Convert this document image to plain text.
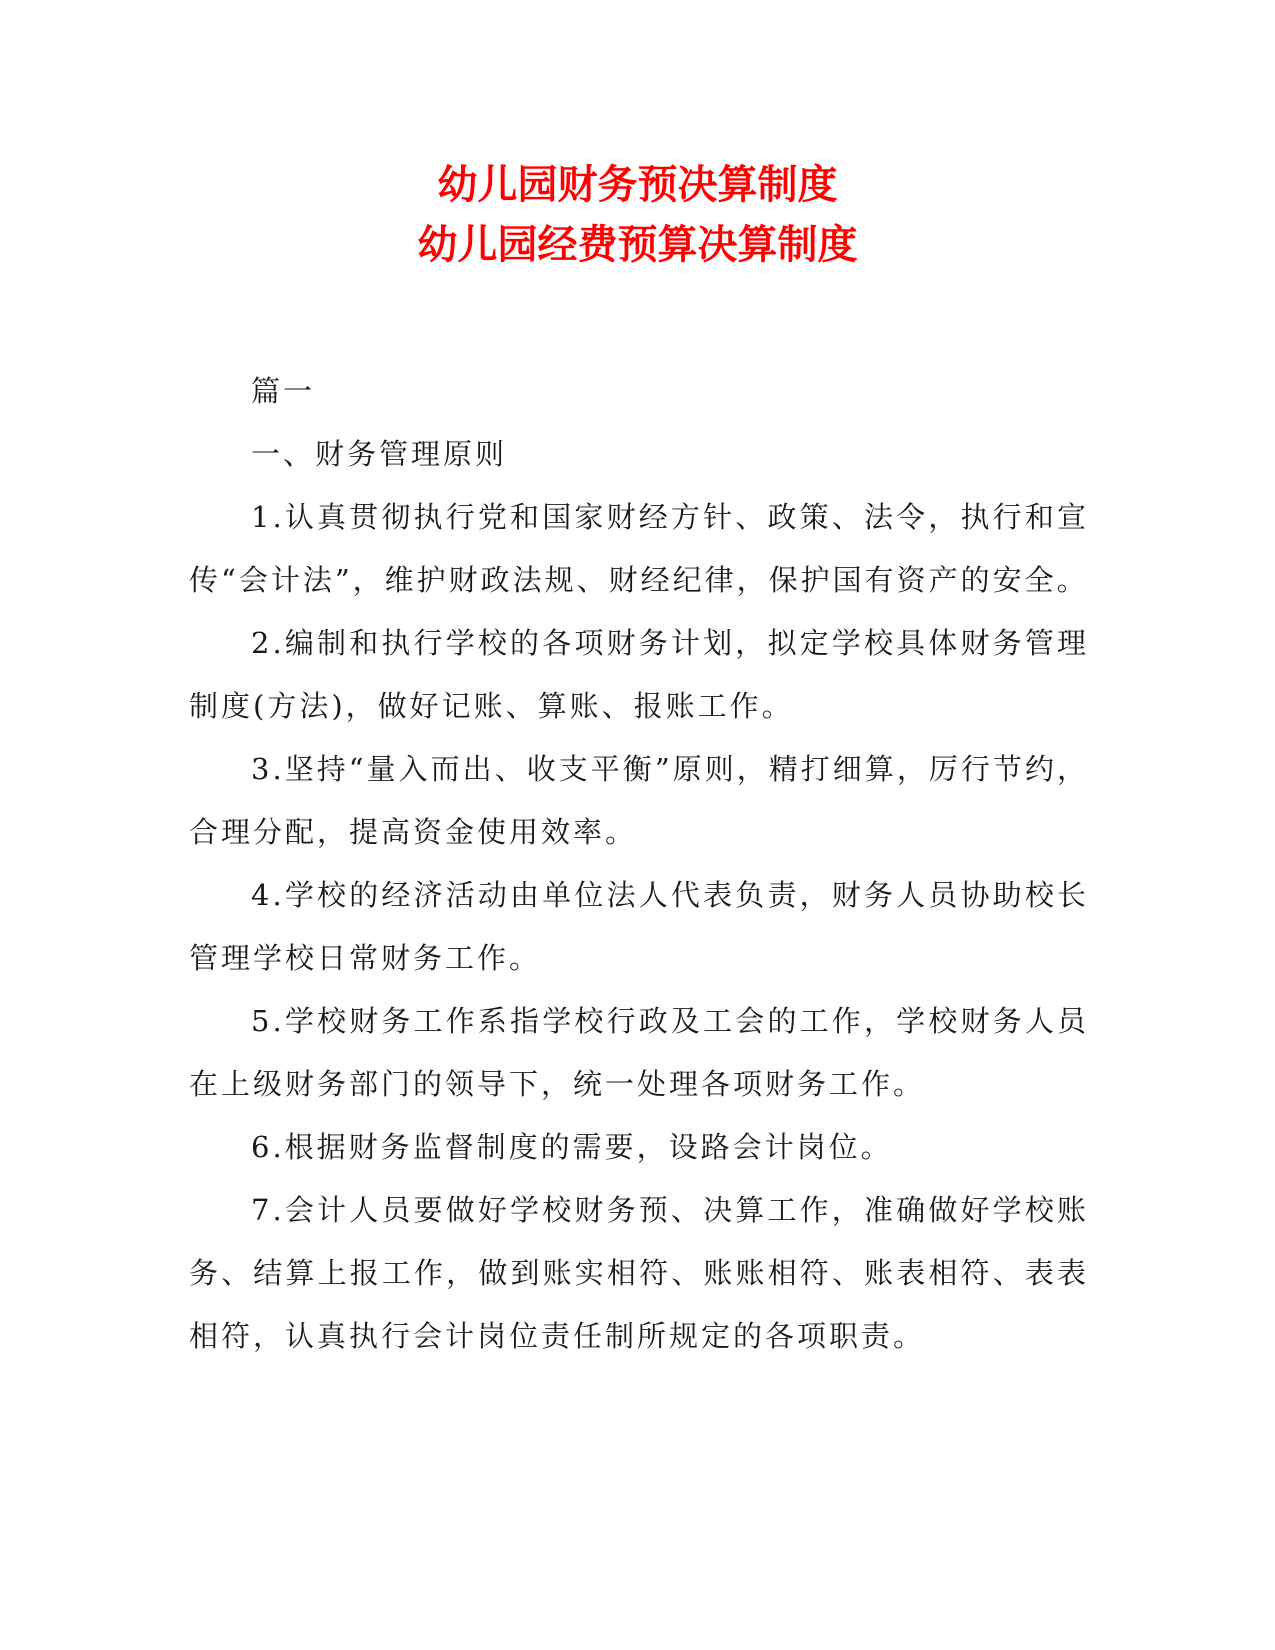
幼儿园财务预决算制度

幼儿园经费预算决算制度

篇一

一、财务管理原则

1.认真贯彻执行党和国家财经方针、政策、法令，执行和宣传“会计法”，维护财政法规、财经纪律，保护国有资产的安全。

2.编制和执行学校的各项财务计划，拟定学校具体财务管理制度(方法)，做好记账、算账、报账工作。

3.坚持“量入而出、收支平衡”原则，精打细算，厉行节约，合理分配，提高资金使用效率。

4.学校的经济活动由单位法人代表负责，财务人员协助校长管理学校日常财务工作。

5.学校财务工作系指学校行政及工会的工作，学校财务人员在上级财务部门的领导下，统一处理各项财务工作。

6.根据财务监督制度的需要，设路会计岗位。

7.会计人员要做好学校财务预、决算工作，准确做好学校账务、结算上报工作，做到账实相符、账账相符、账表相符、表表相符，认真执行会计岗位责任制所规定的各项职责。
